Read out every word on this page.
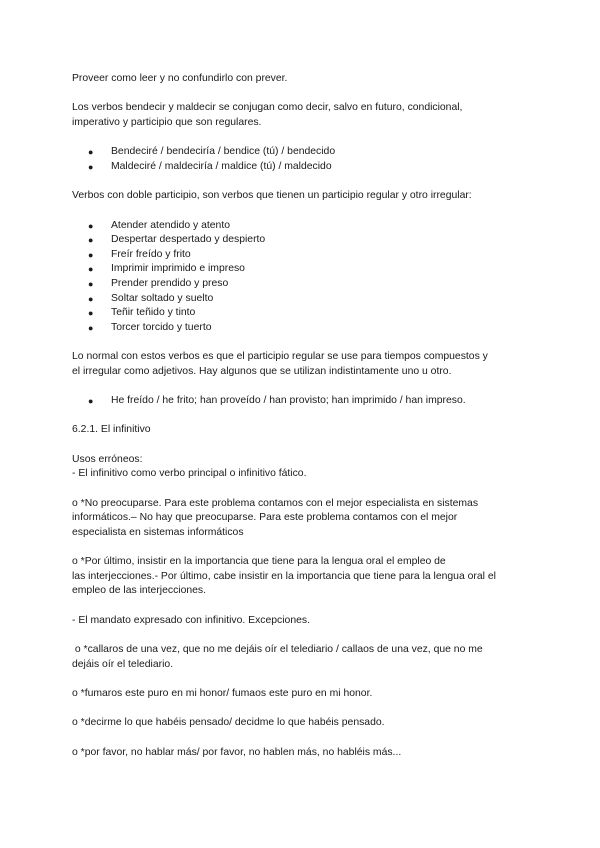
Proveer como leer y no confundirlo con prever.

Los verbos bendecir y maldecir se conjugan como decir, salvo en futuro, condicional,

imperativo y participio que son regulares.

● Bendeciré / bendeciría / bendice (tú) / bendecido

● Maldeciré / maldeciría / maldice (tú) / maldecido

Verbos con doble participio, son verbos que tienen un participio regular y otro irregular:

● Atender atendido y atento

● Despertar despertado y despierto

● Freír freído y frito

● Imprimir imprimido e impreso

● Prender prendido y preso

● Soltar soltado y suelto

● Teñir teñido y tinto

● Torcer torcido y tuerto

Lo normal con estos verbos es que el participio regular se use para tiempos compuestos y

el irregular como adjetivos. Hay algunos que se utilizan indistintamente uno u otro.

● He freído / he frito; han proveído / han provisto; han imprimido / han impreso.

6.2.1. El infinitivo

Usos erróneos:

- El infinitivo como verbo principal o infinitivo fático.

o *No preocuparse. Para este problema contamos con el mejor especialista en sistemas

informáticos.– No hay que preocuparse. Para este problema contamos con el mejor

especialista en sistemas informáticos

o *Por último, insistir en la importancia que tiene para la lengua oral el empleo de

las interjecciones.- Por último, cabe insistir en la importancia que tiene para la lengua oral el

empleo de las interjecciones.

- El mandato expresado con infinitivo. Excepciones.

o *callaros de una vez, que no me dejáis oír el telediario / callaos de una vez, que no me

dejáis oír el telediario.

o *fumaros este puro en mi honor/ fumaos este puro en mi honor.

o *decirme lo que habéis pensado/ decidme lo que habéis pensado.

o *por favor, no hablar más/ por favor, no hablen más, no habléis más...
